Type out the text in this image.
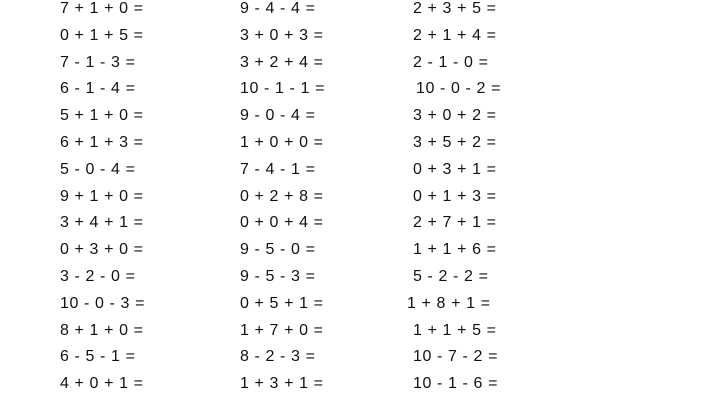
7 + 1 + 0 =
0 + 1 + 5 =
7 - 1 - 3 =
6 - 1 - 4 =
5 + 1 + 0 =
6 + 1 + 3 =
5 - 0 - 4 =
9 + 1 + 0 =
3 + 4 + 1 =
0 + 3 + 0 =
3 - 2 - 0 =
10 - 0 - 3 =
8 + 1 + 0 =
6 - 5 - 1 =
4 + 0 + 1 =
9 - 4 - 4 =
3 + 0 + 3 =
3 + 2 + 4 =
10 - 1 - 1 =
9 - 0 - 4 =
1 + 0 + 0 =
7 - 4 - 1 =
0 + 2 + 8 =
0 + 0 + 4 =
9 - 5 - 0 =
9 - 5 - 3 =
0 + 5 + 1 =
1 + 7 + 0 =
8 - 2 - 3 =
1 + 3 + 1 =
2 + 3 + 5 =
2 + 1 + 4 =
2 - 1 - 0 =
10 - 0 - 2 =
3 + 0 + 2 =
3 + 5 + 2 =
0 + 3 + 1 =
0 + 1 + 3 =
2 + 7 + 1 =
1 + 1 + 6 =
5 - 2 - 2 =
1 + 8 + 1 =
1 + 1 + 5 =
10 - 7 - 2 =
10 - 1 - 6 =
